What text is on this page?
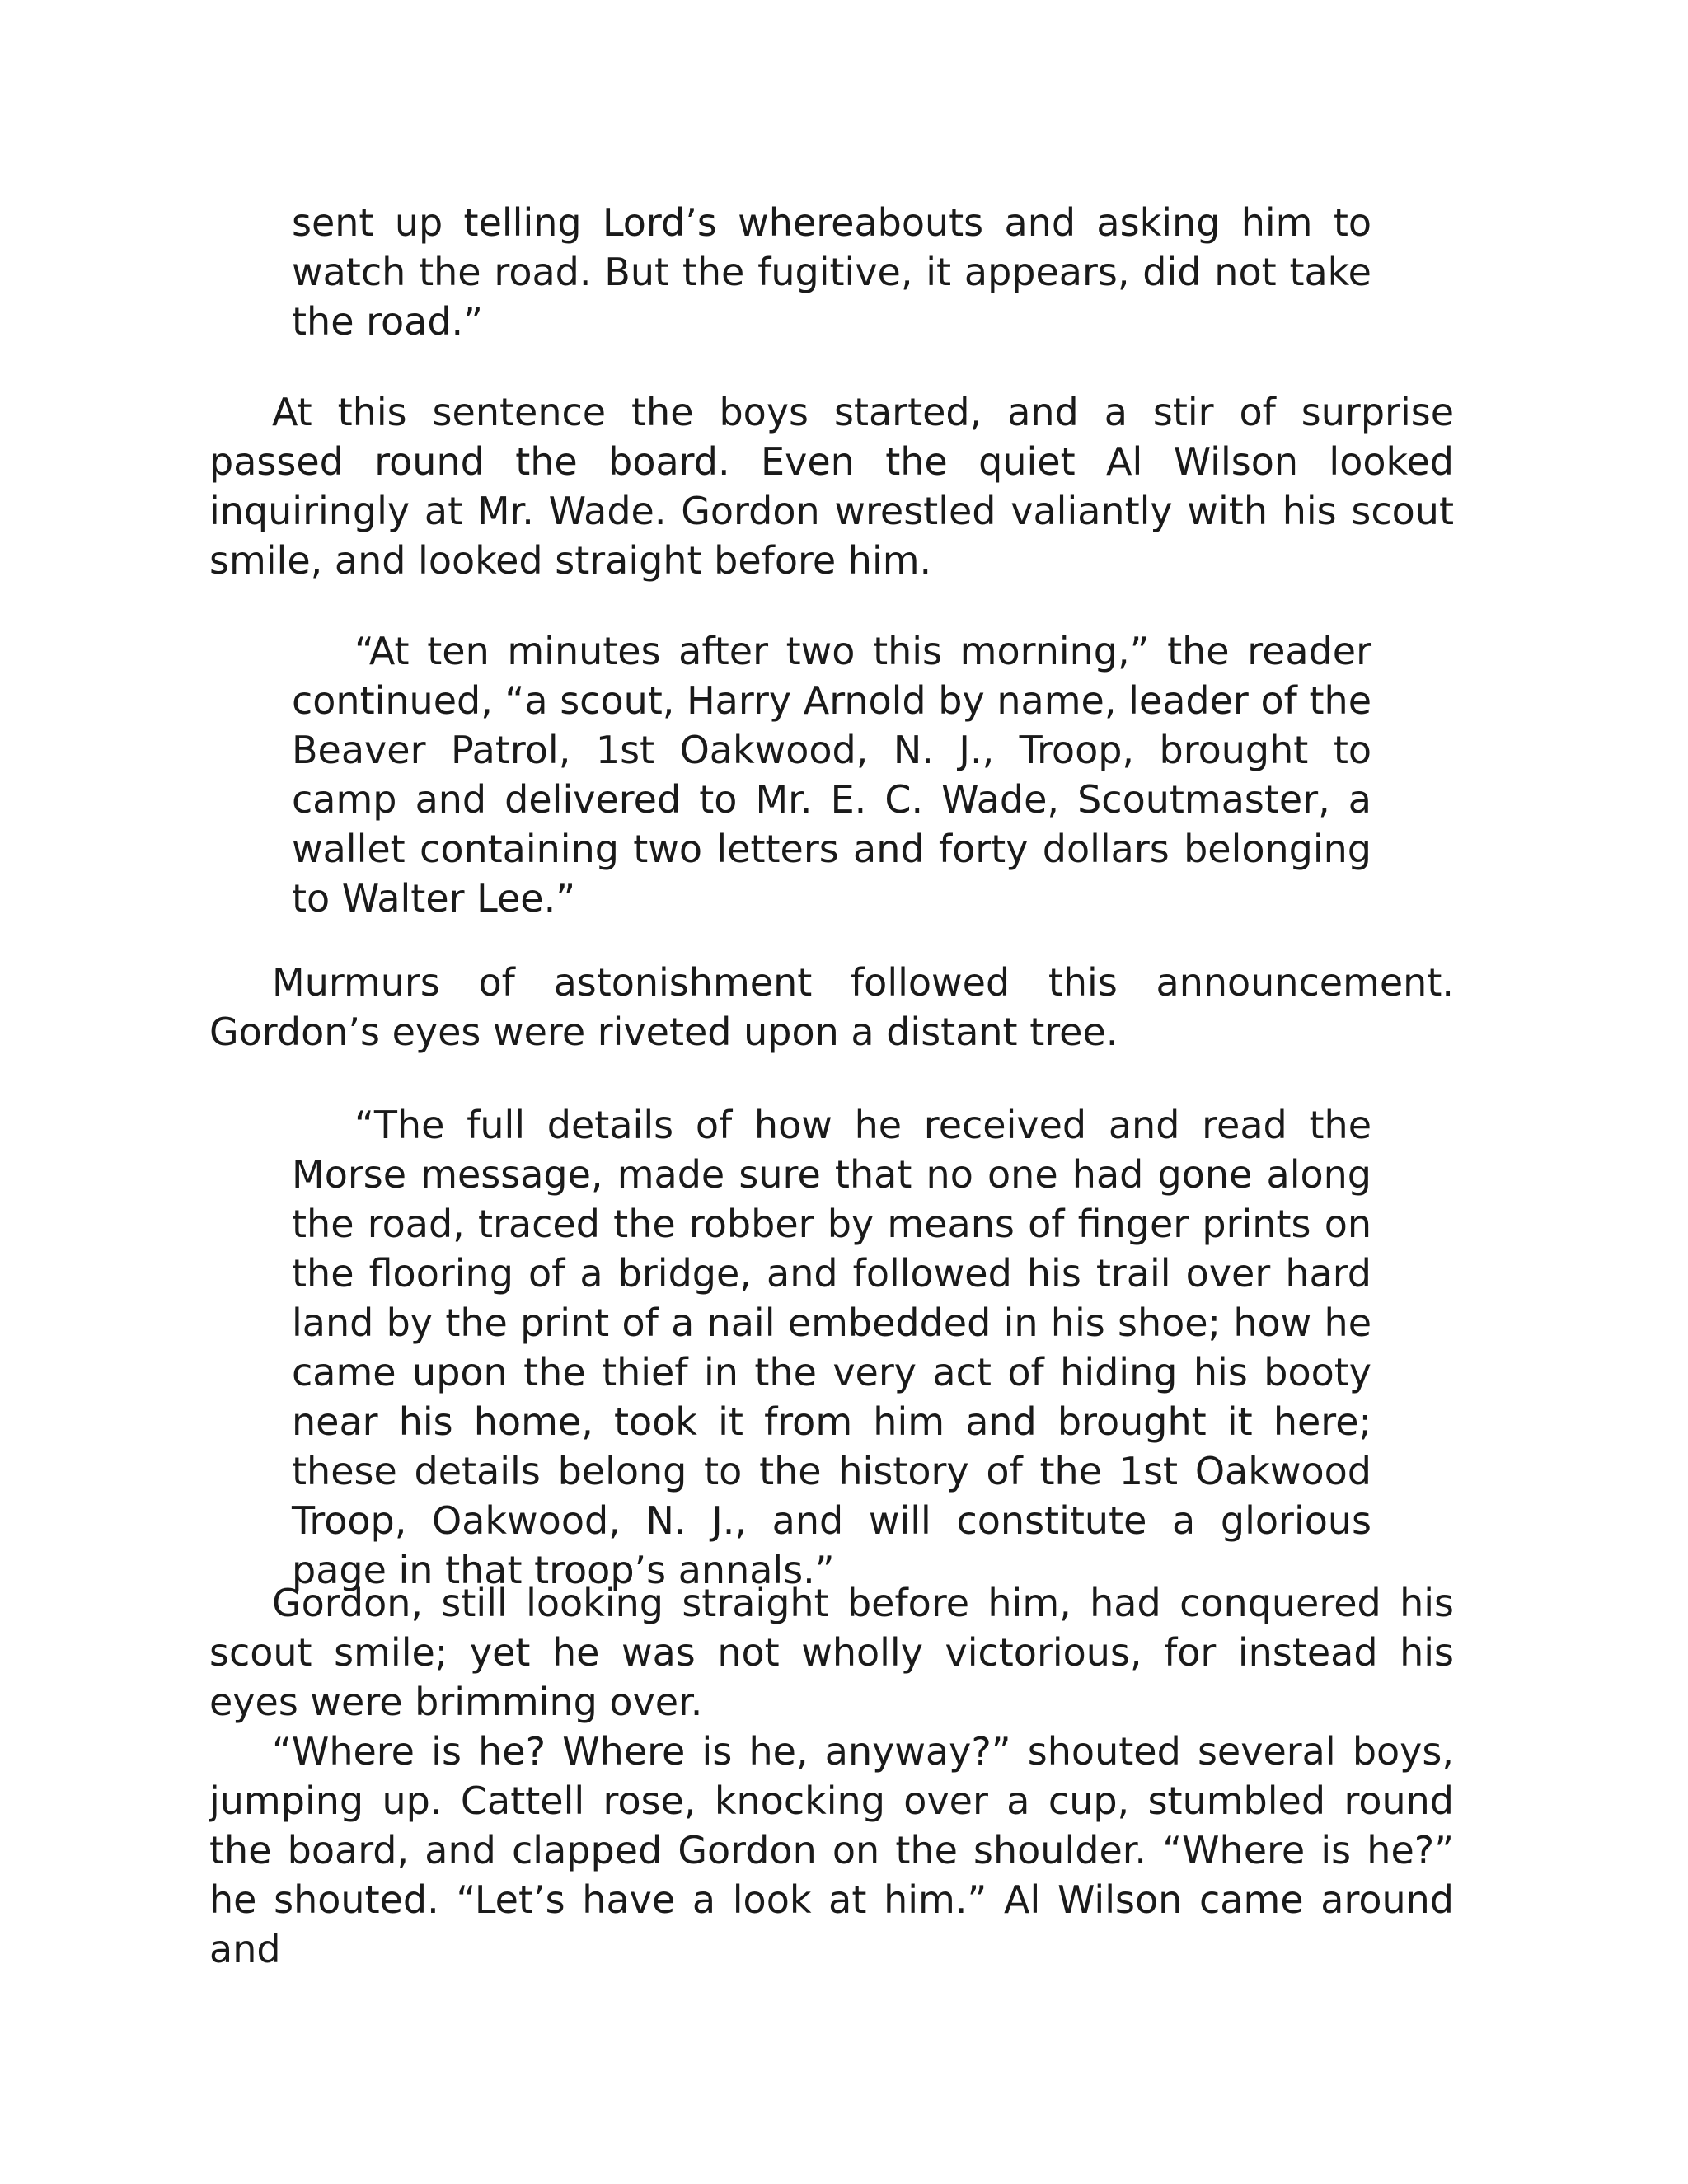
sent up telling Lord’s whereabouts and asking him to watch the road. But the fugitive, it appears, did not take the road.”

At this sentence the boys started, and a stir of surprise passed round the board. Even the quiet Al Wilson looked inquiringly at Mr. Wade. Gordon wrestled valiantly with his scout smile, and looked straight before him.

“At ten minutes after two this morning,” the reader continued, “a scout, Harry Arnold by name, leader of the Beaver Patrol, 1st Oakwood, N. J., Troop, brought to camp and delivered to Mr. E. C. Wade, Scoutmaster, a wallet containing two letters and forty dollars belonging to Walter Lee.”

Murmurs of astonishment followed this announcement. Gordon’s eyes were riveted upon a distant tree.

“The full details of how he received and read the Morse message, made sure that no one had gone along the road, traced the robber by means of finger prints on the flooring of a bridge, and followed his trail over hard land by the print of a nail embedded in his shoe; how he came upon the thief in the very act of hiding his booty near his home, took it from him and brought it here; these details belong to the history of the 1st Oakwood Troop, Oakwood, N. J., and will constitute a glorious page in that troop’s annals.”

Gordon, still looking straight before him, had conquered his scout smile; yet he was not wholly victorious, for instead his eyes were brimming over.

“Where is he? Where is he, anyway?” shouted several boys, jumping up. Cattell rose, knocking over a cup, stumbled round the board, and clapped Gordon on the shoulder. “Where is he?” he shouted. “Let’s have a look at him.” Al Wilson came around and
